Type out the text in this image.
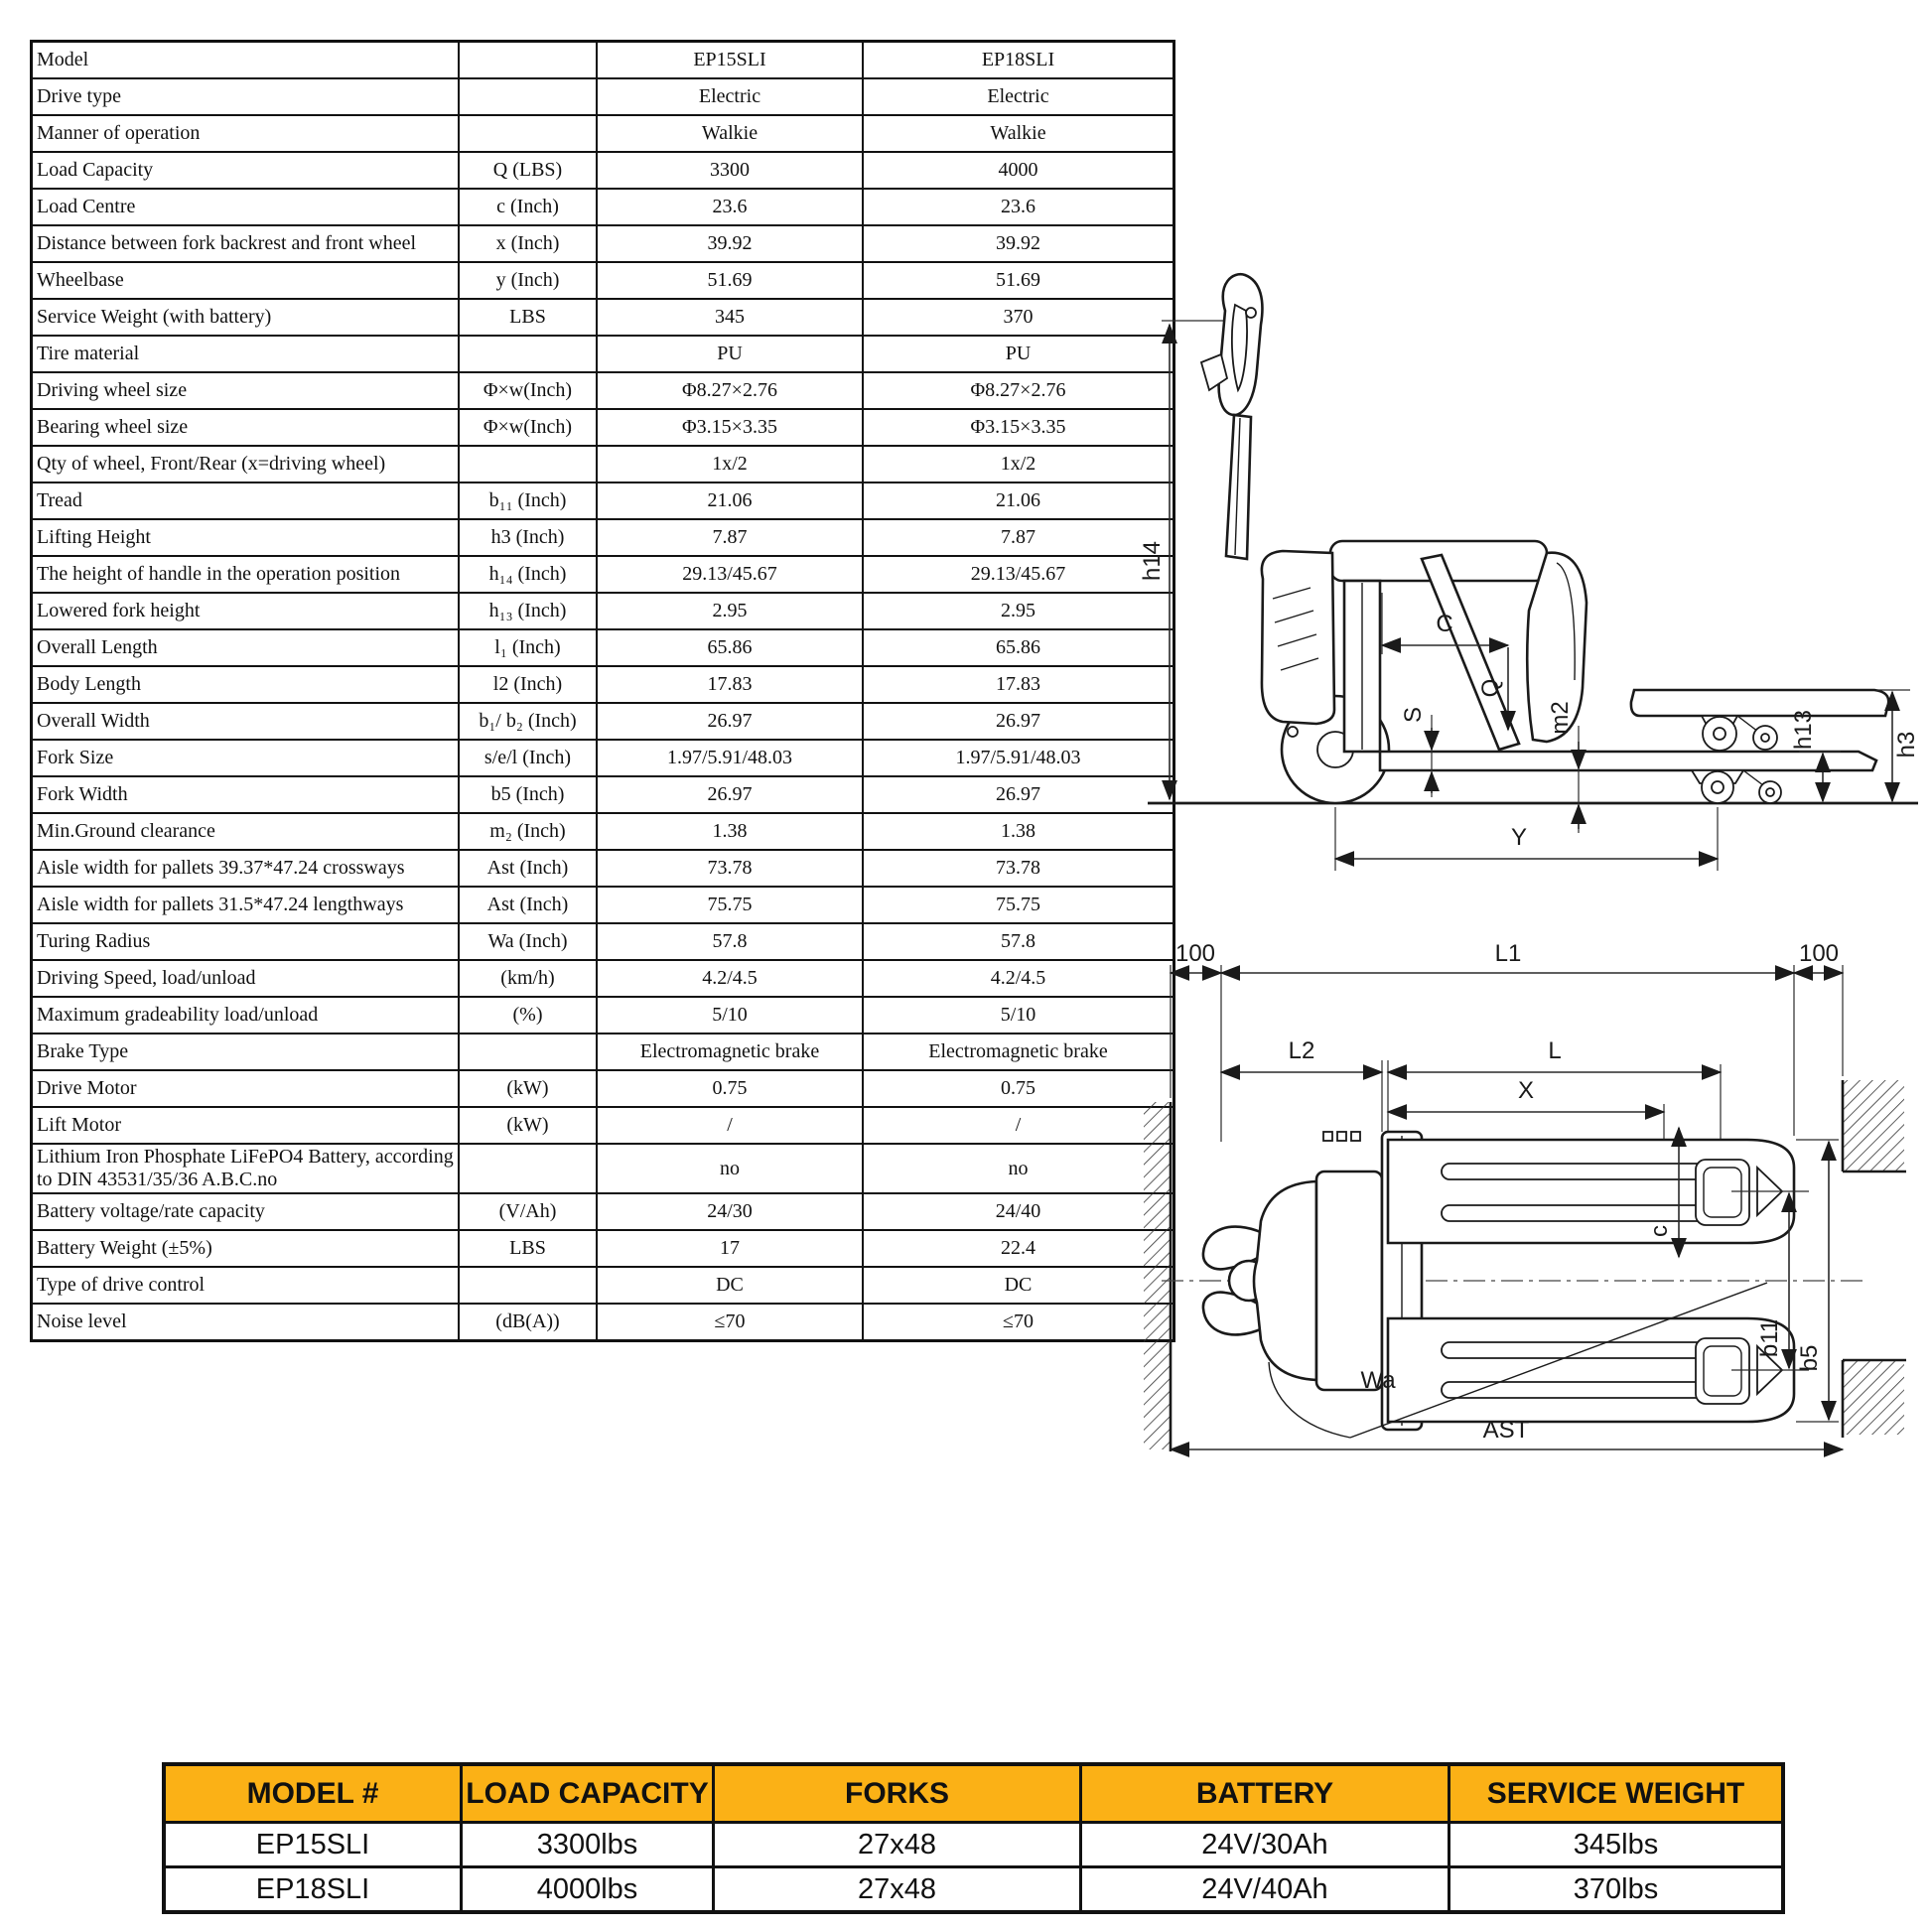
Model		EP15SLI	EP18SLI
Drive type		Electric	Electric
Manner of operation		Walkie	Walkie
Load Capacity	Q (LBS)	3300	4000
Load Centre	c (Inch)	23.6	23.6
Distance between fork backrest and front wheel	x (Inch)	39.92	39.92
Wheelbase	y (Inch)	51.69	51.69
Service Weight (with battery)	LBS	345	370
Tire material		PU	PU
Driving wheel size	Φ×w(Inch)	Φ8.27×2.76	Φ8.27×2.76
Bearing wheel size	Φ×w(Inch)	Φ3.15×3.35	Φ3.15×3.35
Qty of wheel, Front/Rear (x=driving wheel)		1x/2	1x/2
Tread	b₁₁ (Inch)	21.06	21.06
Lifting Height	h3 (Inch)	7.87	7.87
The height of handle in the operation position	h₁₄ (Inch)	29.13/45.67	29.13/45.67
Lowered fork height	h₁₃ (Inch)	2.95	2.95
Overall Length	l₁ (Inch)	65.86	65.86
Body Length	l2 (Inch)	17.83	17.83
Overall Width	b₁/ b₂ (Inch)	26.97	26.97
Fork Size	s/e/l (Inch)	1.97/5.91/48.03	1.97/5.91/48.03
Fork Width	b5 (Inch)	26.97	26.97
Min.Ground clearance	m₂ (Inch)	1.38	1.38
Aisle width for pallets 39.37*47.24 crossways	Ast (Inch)	73.78	73.78
Aisle width for pallets 31.5*47.24 lengthways	Ast (Inch)	75.75	75.75
Turing Radius	Wa (Inch)	57.8	57.8
Driving Speed, load/unload	(km/h)	4.2/4.5	4.2/4.5
Maximum gradeability load/unload	(%)	5/10	5/10
Brake Type		Electromagnetic brake	Electromagnetic brake
Drive Motor	(kW)	0.75	0.75
Lift Motor	(kW)	/	/
Lithium Iron Phosphate LiFePO4 Battery, according to DIN 43531/35/36 A.B.C.no		no	no
Battery voltage/rate capacity	(V/Ah)	24/30	24/40
Battery Weight (±5%)	LBS	17	22.4
Type of drive control		DC	DC
Noise level	(dB(A))	≤70	≤70
h14
C
Q
S	m2	h13	h3
Y
100	L1	100
L2	L
X
c
b11
b5
Wa
AST
MODEL #	LOAD CAPACITY	FORKS	BATTERY	SERVICE WEIGHT
EP15SLI	3300lbs	27x48	24V/30Ah	345lbs
EP18SLI	4000lbs	27x48	24V/40Ah	370lbs
